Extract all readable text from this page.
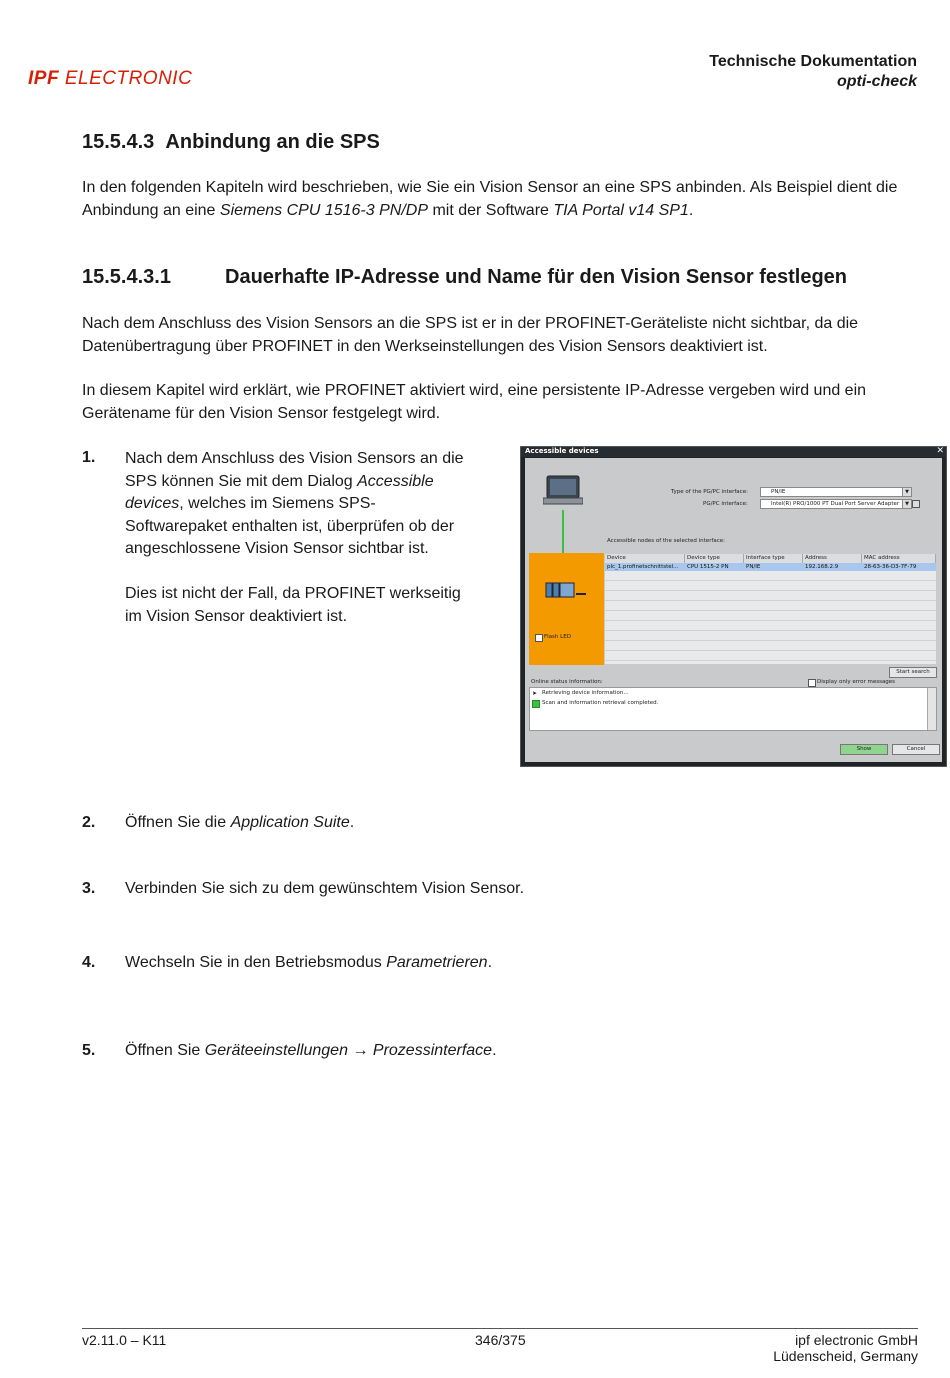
IPF ELECTRONIC
Technische Dokumentation
opti-check
15.5.4.3 Anbindung an die SPS
In den folgenden Kapiteln wird beschrieben, wie Sie ein Vision Sensor an eine SPS anbinden. Als Beispiel dient die Anbindung an eine Siemens CPU 1516-3 PN/DP mit der Software TIA Portal v14 SP1.
15.5.4.3.1	Dauerhafte IP-Adresse und Name für den Vision Sensor festlegen
Nach dem Anschluss des Vision Sensors an die SPS ist er in der PROFINET-Geräteliste nicht sichtbar, da die Datenübertragung über PROFINET in den Werkseinstellungen des Vision Sensors deaktiviert ist.
In diesem Kapitel wird erklärt, wie PROFINET aktiviert wird, eine persistente IP-Adresse vergeben wird und ein Gerätename für den Vision Sensor festgelegt wird.
1. Nach dem Anschluss des Vision Sensors an die
SPS können Sie mit dem Dialog Accessible
devices, welches im Siemens SPS-
Softwarepaket enthalten ist, überprüfen ob der
angeschlossene Vision Sensor sichtbar ist.
Dies ist nicht der Fall, da PROFINET werkseitig
im Vision Sensor deaktiviert ist.
Accessible devices	✕
Type of the PG/PC interface:	PN/IE	▼
PG/PC interface:	Intel(R) PRO/1000 PT Dual Port Server Adapter	▼
Accessible nodes of the selected interface:
Flash LED
Device	Device type	Interface type	Address	MAC address
plc_1.profinetschnittstel...	CPU 1515-2 PN	PN/IE	192.168.2.9	28-63-36-D3-7F-79
Start search
Online status information:	Display only error messages
➤ Retrieving device information...
Scan and information retrieval completed.
Show	Cancel
2. Öffnen Sie die Application Suite.
3. Verbinden Sie sich zu dem gewünschtem Vision Sensor.
4. Wechseln Sie in den Betriebsmodus Parametrieren.
5. Öffnen Sie Geräteeinstellungen → Prozessinterface.
v2.11.0 – K11	346/375	ipf electronic GmbH
Lüdenscheid, Germany
